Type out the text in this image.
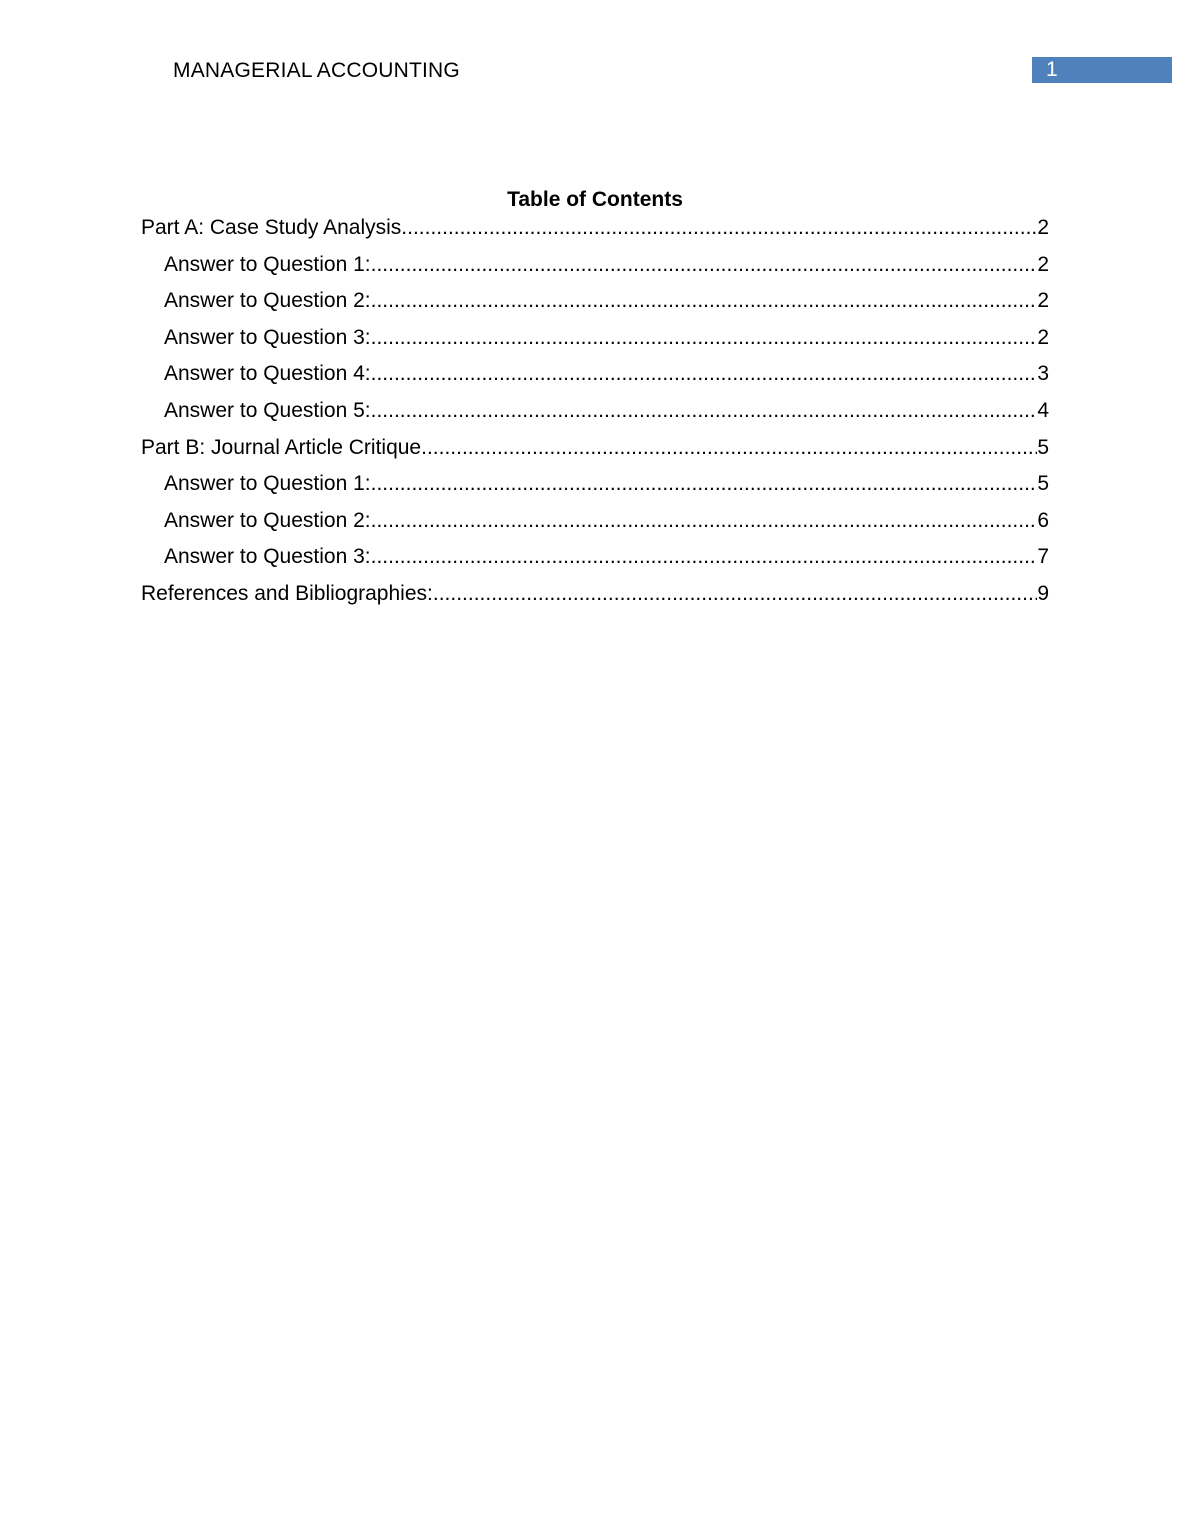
MANAGERIAL ACCOUNTING	1
Table of Contents
Part A: Case Study Analysis .....	2
Answer to Question 1: .....	2
Answer to Question 2: .....	2
Answer to Question 3: .....	2
Answer to Question 4: .....	3
Answer to Question 5: .....	4
Part B: Journal Article Critique .....	5
Answer to Question 1: .....	5
Answer to Question 2: .....	6
Answer to Question 3: .....	7
References and Bibliographies: .....	9
